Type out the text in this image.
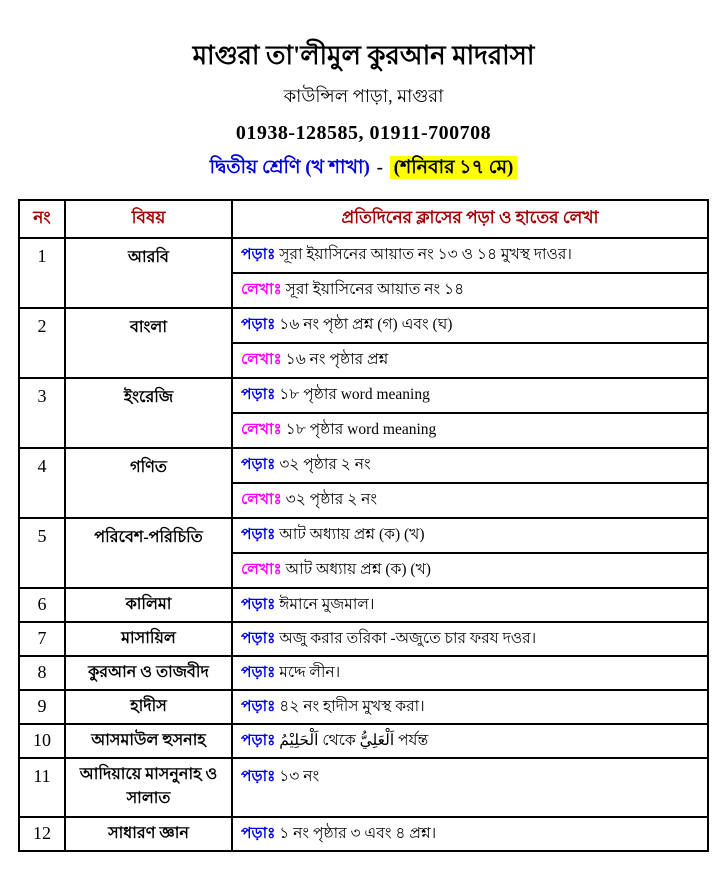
মাগুরা তা'লীমুল কুরআন মাদরাসা
কাউন্সিল পাড়া, মাগুরা
01938-128585, 01911-700708
দ্বিতীয় শ্রেণি (খ শাখা) - (শনিবার ১৭ মে)
নং	বিষয়	প্রতিদিনের ক্লাসের পড়া ও হাতের লেখা
1	আরবি	পড়াঃ সূরা ইয়াসিনের আয়াত নং ১৩ ও ১৪ মুখস্থ দাওর।
		লেখাঃ সূরা ইয়াসিনের আয়াত নং ১৪
2	বাংলা	পড়াঃ ১৬ নং পৃষ্ঠা প্রশ্ন (গ) এবং (ঘ)
		লেখাঃ ১৬ নং পৃষ্ঠার প্রশ্ন
3	ইংরেজি	পড়াঃ ১৮ পৃষ্ঠার word meaning
		লেখাঃ ১৮ পৃষ্ঠার word meaning
4	গণিত	পড়াঃ ৩২ পৃষ্ঠার ২ নং
		লেখাঃ ৩২ পৃষ্ঠার ২ নং
5	পরিবেশ-পরিচিতি	পড়াঃ আট অধ্যায় প্রশ্ন (ক) (খ)
		লেখাঃ আট অধ্যায় প্রশ্ন (ক) (খ)
6	কালিমা	পড়াঃ ঈমানে মুজমাল।
7	মাসায়িল	পড়াঃ অজু করার তরিকা -অজুতে চার ফরয দওর।
8	কুরআন ও তাজবীদ	পড়াঃ মদ্দে লীন।
9	হাদীস	পড়াঃ ৪২ নং হাদীস মুখস্থ করা।
10	আসমাউল হুসনাহ	পড়াঃ اَلْحَلِيْمُ থেকে اَلْعَلِيُّ পর্যন্ত
11	আদিয়ায়ে মাসনুনাহ ও সালাত	পড়াঃ ১৩ নং
12	সাধারণ জ্ঞান	পড়াঃ ১ নং পৃষ্ঠার ৩ এবং ৪ প্রশ্ন।
